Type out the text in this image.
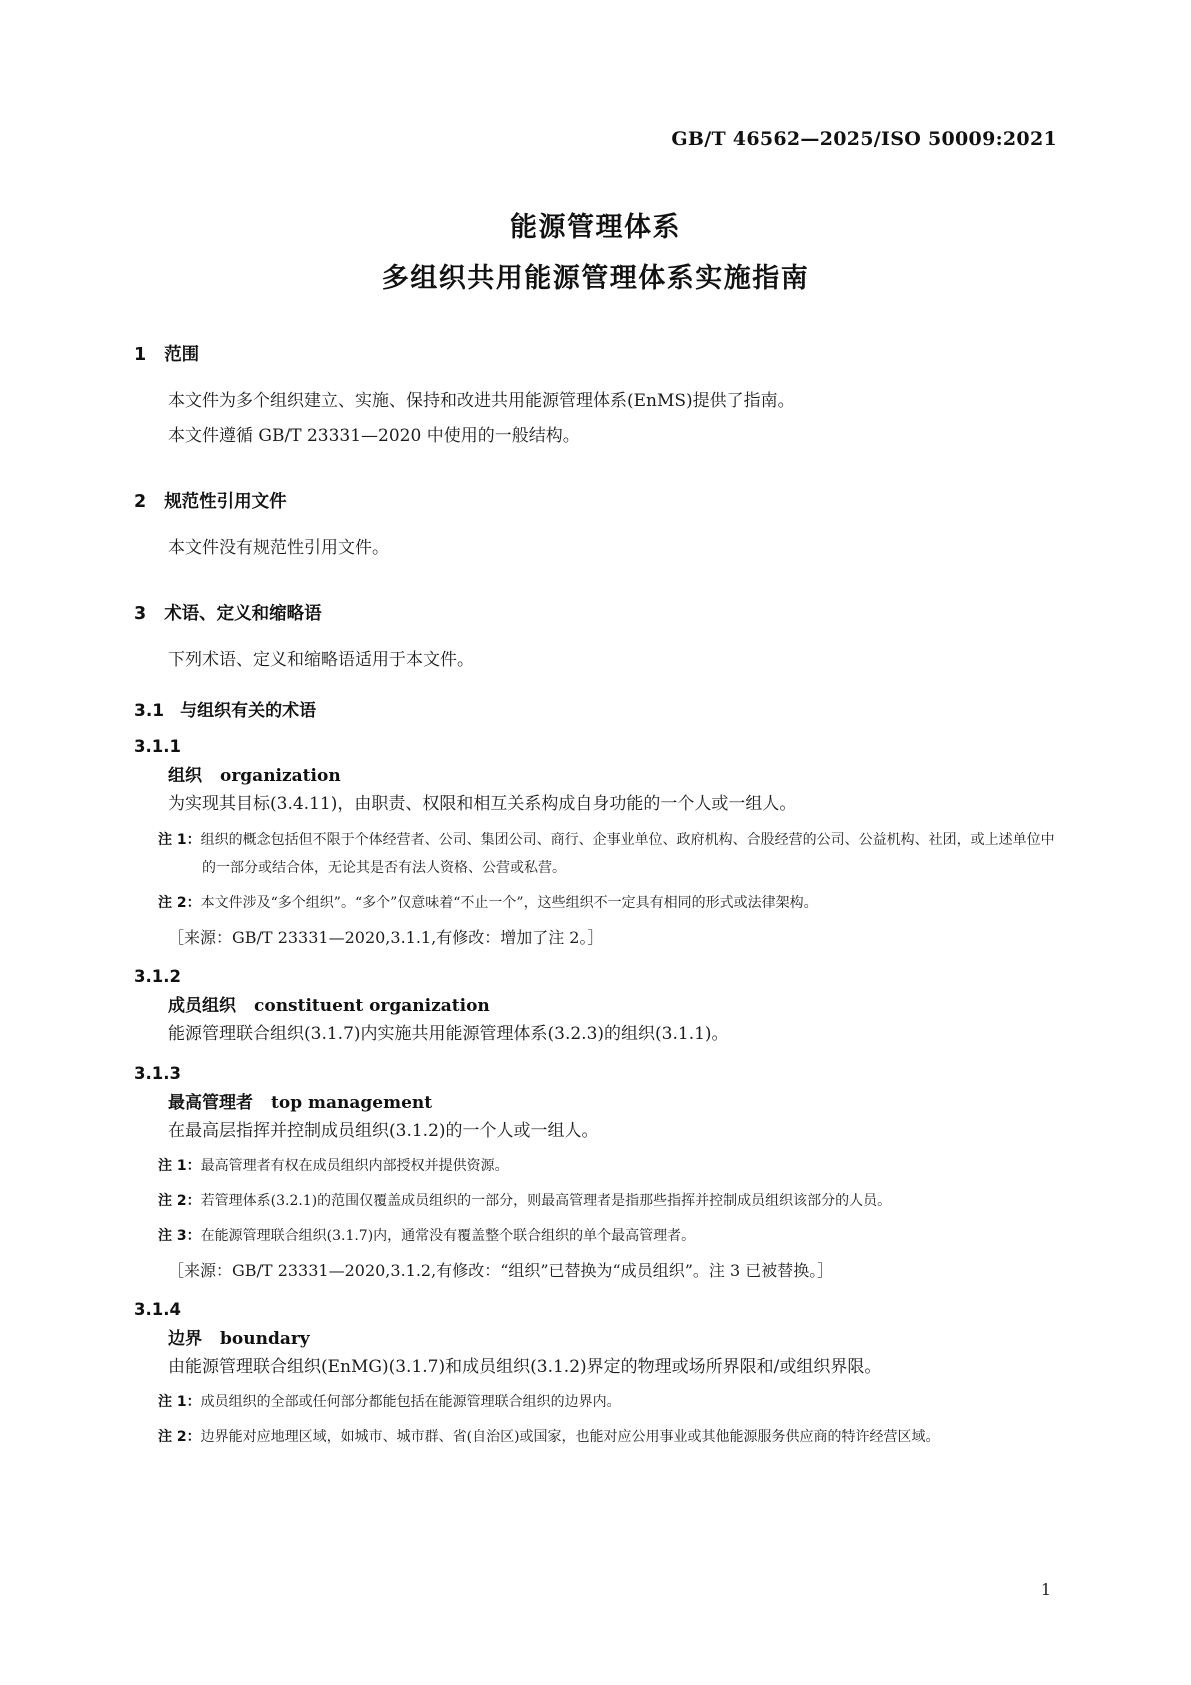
GB/T 46562—2025/ISO 50009:2021
能源管理体系
多组织共用能源管理体系实施指南
1 范围

本文件为多个组织建立、实施、保持和改进共用能源管理体系(EnMS)提供了指南。

本文件遵循 GB/T 23331—2020 中使用的一般结构。

2 规范性引用文件

本文件没有规范性引用文件。

3 术语、定义和缩略语

下列术语、定义和缩略语适用于本文件。

3.1 与组织有关的术语

3.1.1

组织 organization

为实现其目标(3.4.11)，由职责、权限和相互关系构成自身功能的一个人或一组人。

注 1：组织的概念包括但不限于个体经营者、公司、集团公司、商行、企事业单位、政府机构、合股经营的公司、公益机构、社团，或上述单位中的一部分或结合体，无论其是否有法人资格、公营或私营。

注 2：本文件涉及“多个组织”。“多个”仅意味着“不止一个”，这些组织不一定具有相同的形式或法律架构。

［来源：GB/T 23331—2020,3.1.1,有修改：增加了注 2。］

3.1.2

成员组织 constituent organization

能源管理联合组织(3.1.7)内实施共用能源管理体系(3.2.3)的组织(3.1.1)。

3.1.3

最高管理者 top management

在最高层指挥并控制成员组织(3.1.2)的一个人或一组人。

注 1：最高管理者有权在成员组织内部授权并提供资源。

注 2：若管理体系(3.2.1)的范围仅覆盖成员组织的一部分，则最高管理者是指那些指挥并控制成员组织该部分的人员。

注 3：在能源管理联合组织(3.1.7)内，通常没有覆盖整个联合组织的单个最高管理者。

［来源：GB/T 23331—2020,3.1.2,有修改：“组织”已替换为“成员组织”。注 3 已被替换。］

3.1.4

边界 boundary

由能源管理联合组织(EnMG)(3.1.7)和成员组织(3.1.2)界定的物理或场所界限和/或组织界限。

注 1：成员组织的全部或任何部分都能包括在能源管理联合组织的边界内。

注 2：边界能对应地理区域，如城市、城市群、省(自治区)或国家，也能对应公用事业或其他能源服务供应商的特许经营区域。

1
